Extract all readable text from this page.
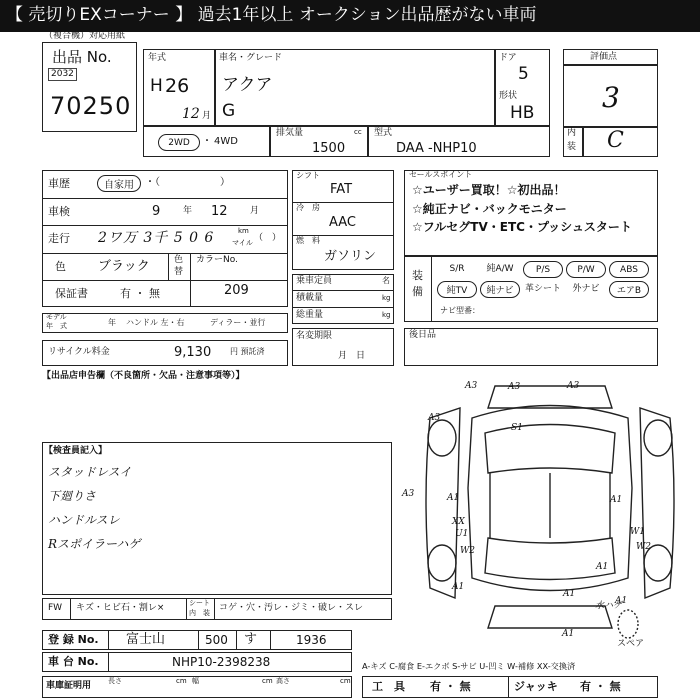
【 売切りEXコーナー 】 過去1年以上 オークション出品歴がない車両
（複合機）対応用紙
出品 No.
2032
70250
年式
H 26
12 月
車名・グレード
アクア
G
ドア
5
形状
HB
評価点
3
内
装 C
2WD	・ 4WD
排気量	cc
1500
型式
DAA -NHP10
車歴	自家用	・（　　　　　　）
車検	9	年 12 月
走行 2ワ万 3千 5 0 6	km
マイル （　）
色 ブラック	色
替
カラーNo.
保証書	有 ・ 無	209
モデル
年　式	年 ハンドル 左・右	ディラー・並行
リサイクル料金	9,130 円 預託済
シフト
FAT
冷　房
AAC
燃　料
ガソリン
乗車定員	名
積載量	kg
総重量	kg
名変期限
月　日
セールスポイント
☆ユーザー買取！☆初出品！
☆純正ナビ・バックモニター
☆フルセグTV・ETC・プッシュスタート
装
備
S/R	純A/W	P/S	P/W	ABS
純TV	純ナビ	革シート	外ナビ	エアB
ナビ型番：
後日品
【出品店申告欄（不良箇所・欠品・注意事項等）】
【検査員記入】
スタッドレスイ
下廻りさ
ハンドルスレ
Rスポイラーハゲ
A3	A3
A3
S1
A3
A1
XX
U1
W2
W1
W2
A1
A1
A1
A3
A1
A1
水ハゲ
A1
スペア
FW キズ・ヒビ石・割レ×	シート
内　装 コゲ・穴・汚レ・ジミ・破レ・スレ
登 録 No. 富士山	500 す	1936
車 台 No.	NHP10-2398238	A-キズ C-腐食 E-エクボ S-サビ U-凹ミ W-補修 XX-交換済
車庫証明用 長さ	cm 幅	cm 高さ	cm 工　具 有 ・ 無	ジャッキ 有 ・ 無
